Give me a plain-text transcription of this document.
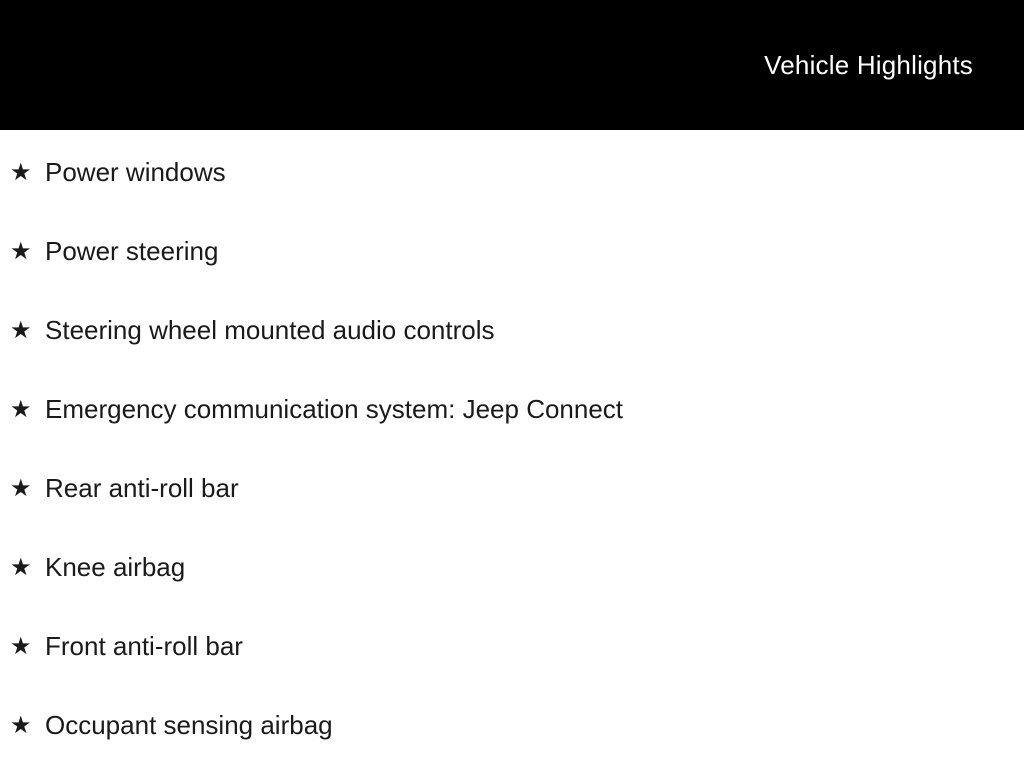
Vehicle Highlights
★ Power windows
★ Power steering
★ Steering wheel mounted audio controls
★ Emergency communication system: Jeep Connect
★ Rear anti-roll bar
★ Knee airbag
★ Front anti-roll bar
★ Occupant sensing airbag
